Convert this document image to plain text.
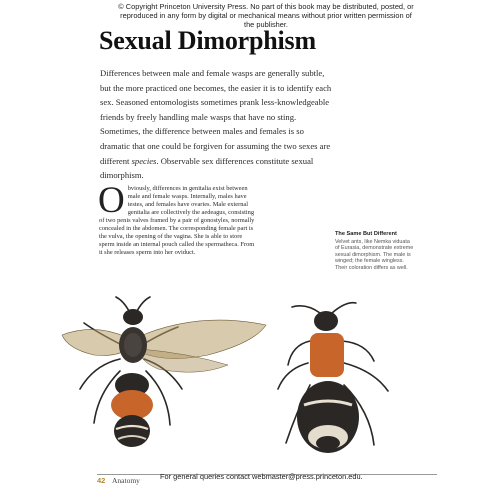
© Copyright Princeton University Press. No part of this book may be distributed, posted, or reproduced in any form by digital or mechanical means without prior written permission of the publisher.
Sexual Dimorphism

Differences between male and female wasps are generally subtle, but the more practiced one becomes, the easier it is to identify each sex. Seasoned entomologists sometimes prank less-knowledgeable friends by freely handling male wasps that have no sting. Sometimes, the difference between males and females is so dramatic that one could be forgiven for assuming the two sexes are different species. Observable sex differences constitute sexual dimorphism.

O bviously, differences in genitalia exist between male and female wasps. Internally, males have testes, and females have ovaries. Male external genitalia are collectively the aedeagus, consisting of two penis valves framed by a pair of gonostyles, normally concealed in the abdomen. The corresponding female part is the vulva, the opening of the vagina. She is able to store sperm inside an internal pouch called the spermatheca. From it she releases sperm into her oviduct.
The Same But Different
Velvet ants, like Nemka viduata of Eurasia, demonstrate extreme sexual dimorphism. The male is winged; the female wingless. Their coloration differs as well.
42 Anatomy	For general queries contact webmaster@press.princeton.edu.
